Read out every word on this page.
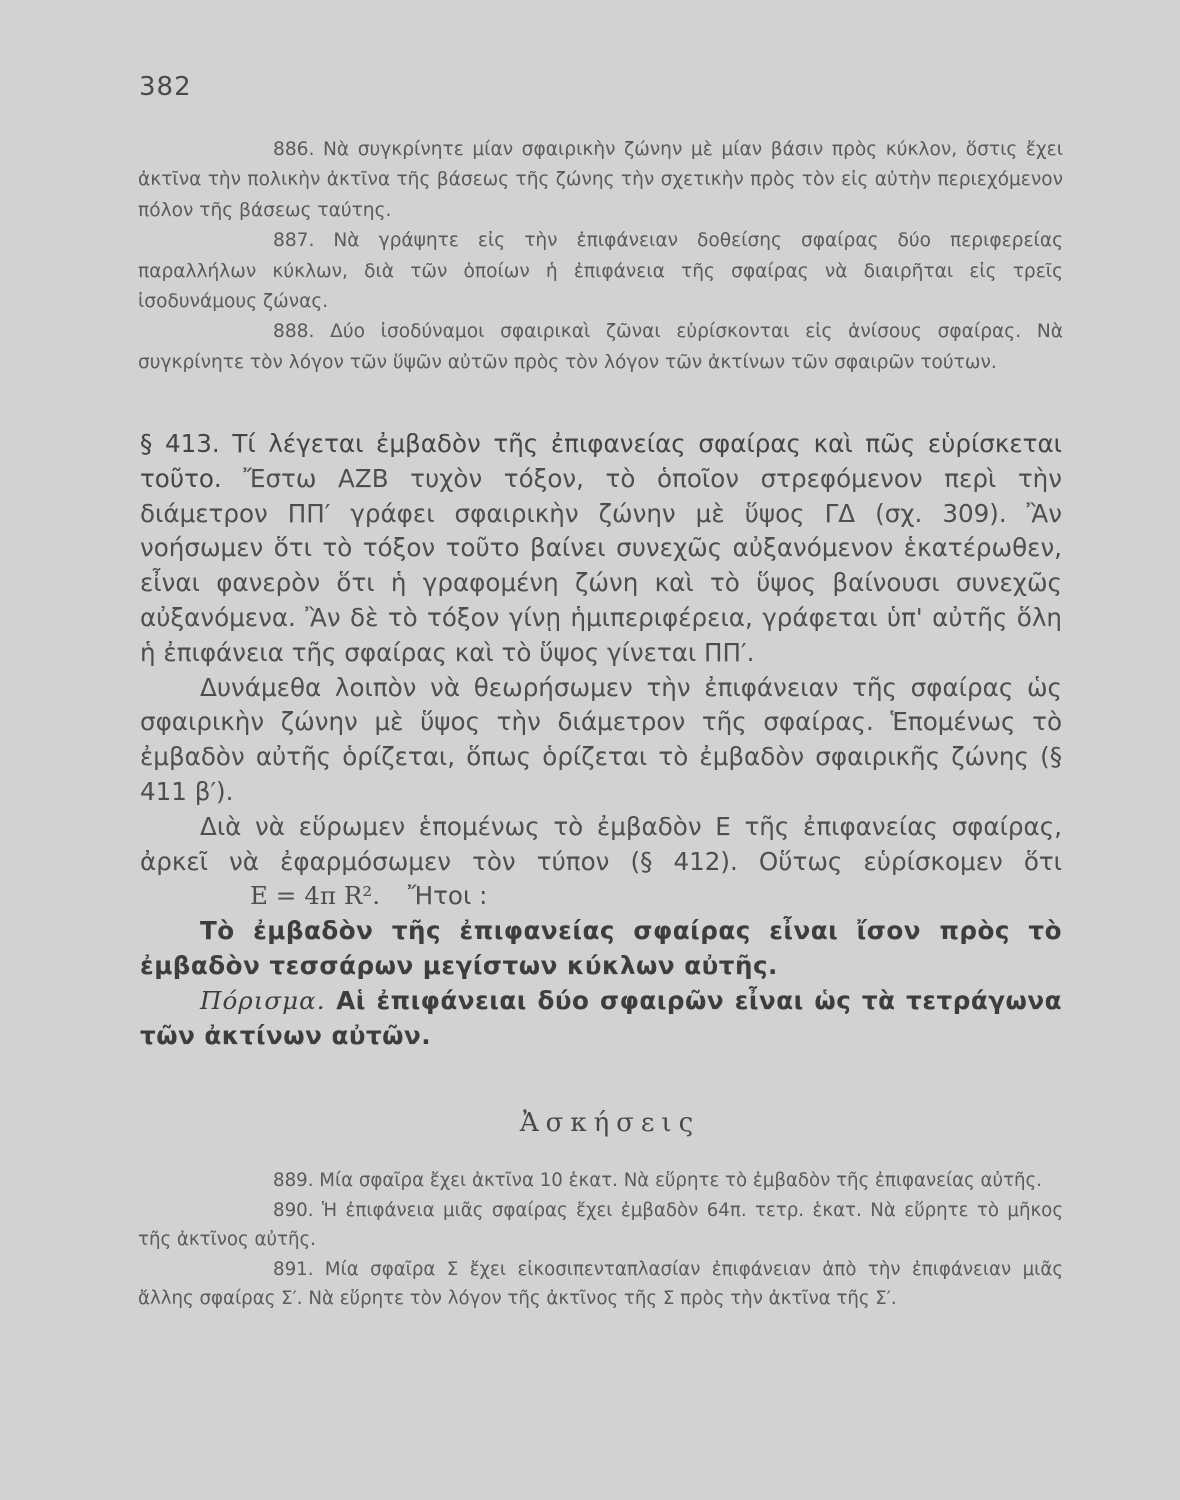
382

886. Νὰ συγκρίνητε μίαν σφαιρικὴν ζώνην μὲ μίαν βάσιν πρὸς κύκλον, ὅστις ἔχει ἀκτῖνα τὴν πολικὴν ἀκτῖνα τῆς βάσεως τῆς ζώνης τὴν σχετικὴν πρὸς τὸν εἰς αὐτὴν περιεχόμενον πόλον τῆς βάσεως ταύτης.

887. Νὰ γράψητε εἰς τὴν ἐπιφάνειαν δοθείσης σφαίρας δύο περιφερείας παραλλήλων κύκλων, διὰ τῶν ὁποίων ἡ ἐπιφάνεια τῆς σφαίρας νὰ διαιρῆται εἰς τρεῖς ἰσοδυνάμους ζώνας.

888. Δύο ἰσοδύναμοι σφαιρικαὶ ζῶναι εὑρίσκονται εἰς ἀνίσους σφαίρας. Νὰ συγκρίνητε τὸν λόγον τῶν ὕψῶν αὐτῶν πρὸς τὸν λόγον τῶν ἀκτίνων τῶν σφαιρῶν τούτων.

§ 413. Τί λέγεται ἐμβαδὸν τῆς ἐπιφανείας σφαίρας καὶ πῶς εὑρίσκεται τοῦτο. Ἔστω ΑΖΒ τυχὸν τόξον, τὸ ὁποῖον στρεφόμενον περὶ τὴν διάμετρον ΠΠ′ γράφει σφαιρικὴν ζώνην μὲ ὕψος ΓΔ (σχ. 309). Ἂν νοήσωμεν ὅτι τὸ τόξον τοῦτο βαίνει συνεχῶς αὐξανόμενον ἑκατέρωθεν, εἶναι φανερὸν ὅτι ἡ γραφομένη ζώνη καὶ τὸ ὕψος βαίνουσι συνεχῶς αὐξανόμενα. Ἂν δὲ τὸ τόξον γίνῃ ἡμιπεριφέρεια, γράφεται ὑπ' αὐτῆς ὅλη ἡ ἐπιφάνεια τῆς σφαίρας καὶ τὸ ὕψος γίνεται ΠΠ′.

Δυνάμεθα λοιπὸν νὰ θεωρήσωμεν τὴν ἐπιφάνειαν τῆς σφαίρας ὡς σφαιρικὴν ζώνην μὲ ὕψος τὴν διάμετρον τῆς σφαίρας. Ἑπομένως τὸ ἐμβαδὸν αὐτῆς ὁρίζεται, ὅπως ὁρίζεται τὸ ἐμβαδὸν σφαιρικῆς ζώνης (§ 411 β′).

Διὰ νὰ εὕρωμεν ἑπομένως τὸ ἐμβαδὸν Ε τῆς ἐπιφανείας σφαίρας, ἀρκεῖ νὰ ἐφαρμόσωμεν τὸν τύπον (§ 412). Οὕτως εὑρίσκομεν ὅτι Ε = 4π R². Ἤτοι :

Τὸ ἐμβαδὸν τῆς ἐπιφανείας σφαίρας εἶναι ἴσον πρὸς τὸ ἐμβαδὸν τεσσάρων μεγίστων κύκλων αὐτῆς.

Πόρισμα. Αἱ ἐπιφάνειαι δύο σφαιρῶν εἶναι ὡς τὰ τετράγωνα τῶν ἀκτίνων αὐτῶν.

Ἀσκήσεις

889. Μία σφαῖρα ἔχει ἀκτῖνα 10 ἑκατ. Νὰ εὕρητε τὸ ἐμβαδὸν τῆς ἐπιφανείας αὐτῆς.

890. Ἡ ἐπιφάνεια μιᾶς σφαίρας ἔχει ἐμβαδὸν 64π. τετρ. ἑκατ. Νὰ εὕρητε τὸ μῆκος τῆς ἀκτῖνος αὐτῆς.

891. Μία σφαῖρα Σ ἔχει εἰκοσιπενταπλασίαν ἐπιφάνειαν ἀπὸ τὴν ἐπιφάνειαν μιᾶς ἄλλης σφαίρας Σ′. Νὰ εὕρητε τὸν λόγον τῆς ἀκτῖνος τῆς Σ πρὸς τὴν ἀκτῖνα τῆς Σ′.
